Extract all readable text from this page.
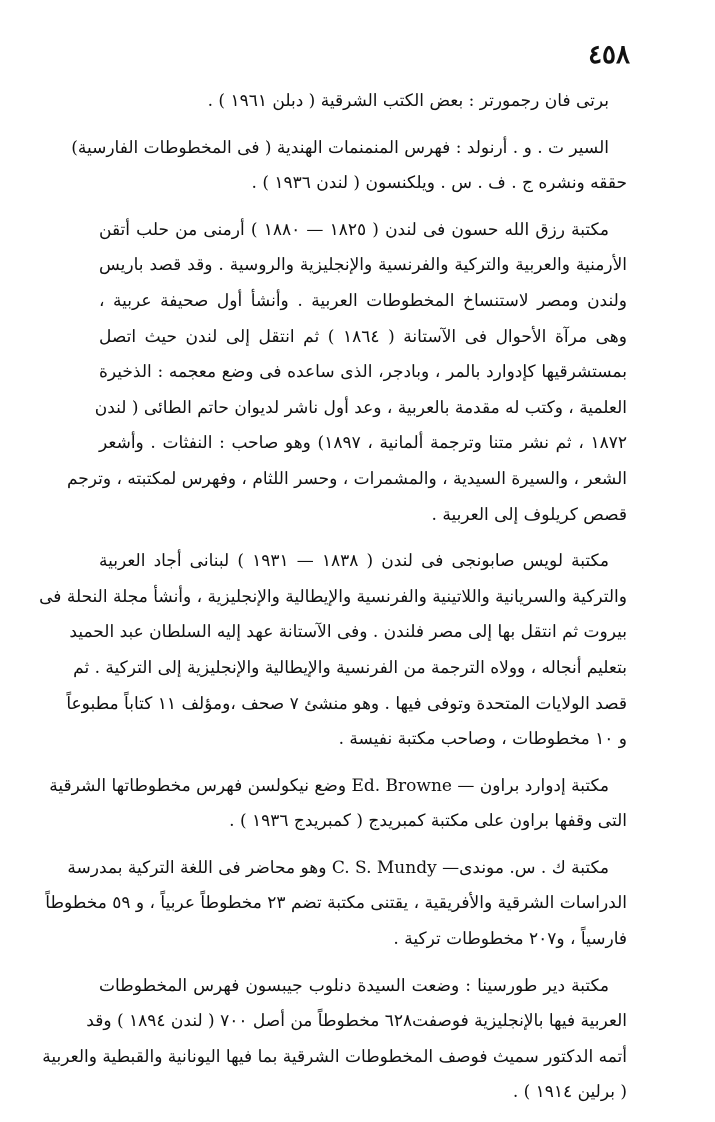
٤٥٨
برتى فان رجمورتر : بعض الكتب الشرقية ( دبلن ١٩٦١ ) .
السير ت . و . أرنولد : فهرس المنمنمات الهندية ( فى المخطوطات الفارسية)
حققه ونشره ج . ف . س . ويلكنسون ( لندن ١٩٣٦ ) .
مكتبة رزق الله حسون فى لندن ( ١٨٢٥ — ١٨٨٠ ) أرمنى من حلب أتقن
الأرمنية والعربية والتركية والفرنسية والإنجليزية والروسية . وقد قصد باريس
ولندن ومصر لاستنساخ المخطوطات العربية . وأنشأ أول صحيفة عربية ،
وهى مرآة الأحوال فى الآستانة ( ١٨٦٤ ) ثم انتقل إلى لندن حيث اتصل
بمستشرقيها كإدوارد بالمر ، وبادجر، الذى ساعده فى وضع معجمه : الذخيرة
العلمية ، وكتب له مقدمة بالعربية ، وعد أول ناشر لديوان حاتم الطائى ( لندن
١٨٧٢ ، ثم نشر متنا وترجمة ألمانية ، ١٨٩٧) وهو صاحب : النفثات . وأشعر
الشعر ، والسيرة السيدية ، والمشمرات ، وحسر اللثام ، وفهرس لمكتبته ، وترجم
قصص كريلوف إلى العربية .
مكتبة لويس صابونجى فى لندن ( ١٨٣٨ — ١٩٣١ ) لبنانى أجاد العربية
والتركية والسريانية واللاتينية والفرنسية والإيطالية والإنجليزية ، وأنشأ مجلة النحلة فى
بيروت ثم انتقل بها إلى مصر فلندن . وفى الآستانة عهد إليه السلطان عبد الحميد
بتعليم أنجاله ، وولاه الترجمة من الفرنسية والإيطالية والإنجليزية إلى التركية . ثم
قصد الولايات المتحدة وتوفى فيها . وهو منشئ ٧ صحف ،ومؤلف ١١ كتاباً مطبوعاً
و ١٠ مخطوطات ، وصاحب مكتبة نفيسة .
مكتبة إدوارد براون — Ed. Browne وضع نيكولسن فهرس مخطوطاتها الشرقية
التى وقفها براون على مكتبة كمبريدج ( كمبريدج ١٩٣٦ ) .
مكتبة ك . س. موندى— C. S. Mundy وهو محاضر فى اللغة التركية بمدرسة
الدراسات الشرقية والأفريقية ، يقتنى مكتبة تضم ٢٣ مخطوطاً عربياً ، و ٥٩ مخطوطاً
فارسياً ، و٢٠٧ مخطوطات تركية .
مكتبة دير طورسينا : وضعت السيدة دنلوب جيبسون فهرس المخطوطات
العربية فيها بالإنجليزية فوصفت٦٢٨ مخطوطاً من أصل ٧٠٠ ( لندن ١٨٩٤ ) وقد
أتمه الدكتور سميث فوصف المخطوطات الشرقية بما فيها اليونانية والقبطية والعربية
( برلين ١٩١٤ ) .
